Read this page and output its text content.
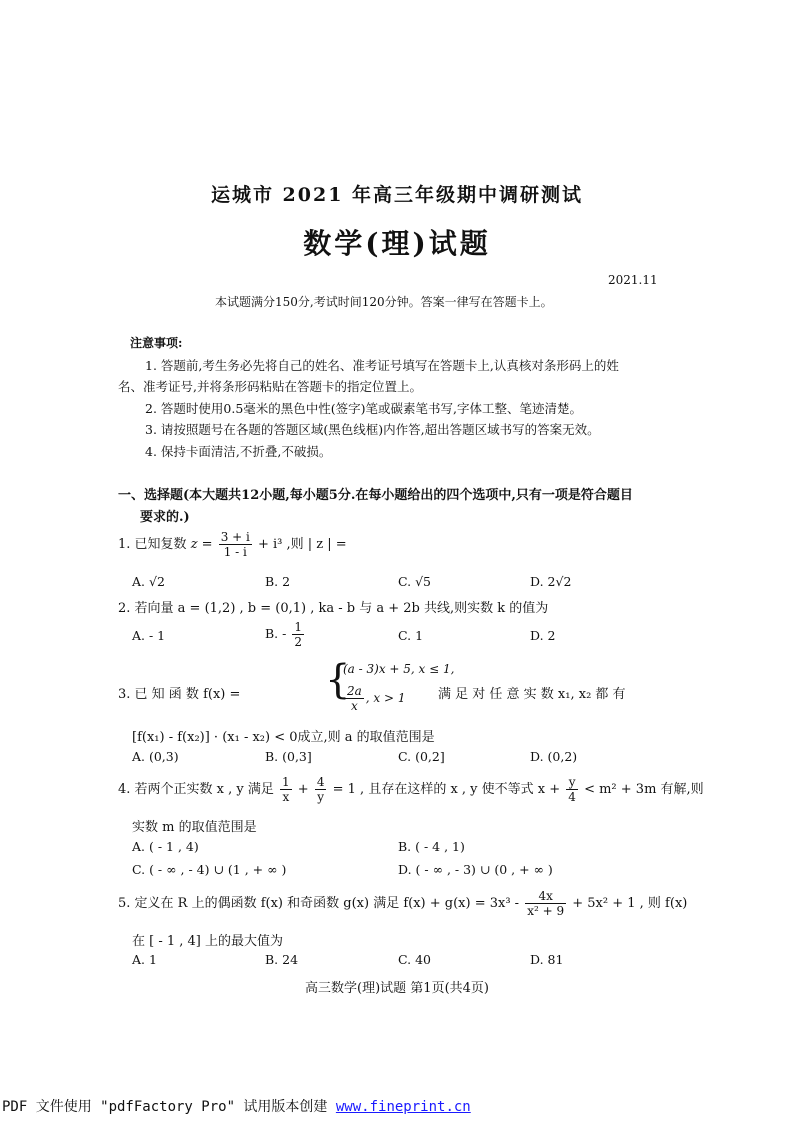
运城市 2021 年高三年级期中调研测试
数学(理)试题
2021.11
本试题满分150分,考试时间120分钟。答案一律写在答题卡上。
注意事项:
1. 答题前,考生务必先将自己的姓名、准考证号填写在答题卡上,认真核对条形码上的姓
名、准考证号,并将条形码粘贴在答题卡的指定位置上。
2. 答题时使用0.5毫米的黑色中性(签字)笔或碳素笔书写,字体工整、笔迹清楚。
3. 请按照题号在各题的答题区域(黑色线框)内作答,超出答题区域书写的答案无效。
4. 保持卡面清洁,不折叠,不破损。
一、选择题(本大题共12小题,每小题5分.在每小题给出的四个选项中,只有一项是符合题目
要求的.)
1. 已知复数 $z = \frac{3 + i}{1 - i} + i^3$ ,则 | z | =
A. √2	B. 2	C. √5	D. 2√2
2. 若向量 a = (1,2) , b = (0,1) , ka - b 与 a + 2b 共线,则实数 k 的值为
A. - 1	B. - $\frac{1}{2}$	C. 1	D. 2
3. 已 知 函 数 f(x) = {
(a - 3)x + 5, x ≤ 1,
$\frac{2a}{x}$ , x > 1 满 足 对 任 意 实 数 x₁, x₂ 都 有
[f(x₁) - f(x₂)] · (x₁ - x₂) < 0成立,则 a 的取值范围是
A. (0,3)	B. (0,3]	C. (0,2]	D. (0,2)
4. 若两个正实数 x , y 满足 $\frac{1}{x} + \frac{4}{y} = 1$ , 且存在这样的 x , y 使不等式 $x + \frac{y}{4} < m^2 + 3m$ 有解,则
实数 m 的取值范围是
A. ( - 1 , 4)	B. ( - 4 , 1)
C. ( - ∞ , - 4) ∪ (1 , + ∞ )	D. ( - ∞ , - 3) ∪ (0 , + ∞ )
5. 定义在 R 上的偶函数 f(x) 和奇函数 g(x) 满足 $f(x) + g(x) = 3x^3 - \frac{4x}{\text{x² + 9}} + 5x^2 + 1$ , 则 f(x)
在 [ - 1 , 4] 上的最大值为
A. 1	B. 24	C. 40	D. 81
高三数学(理)试题 第1页(共4页)
PDF 文件使用 "pdfFactory Pro" 试用版本创建 www.fineprint.cn
